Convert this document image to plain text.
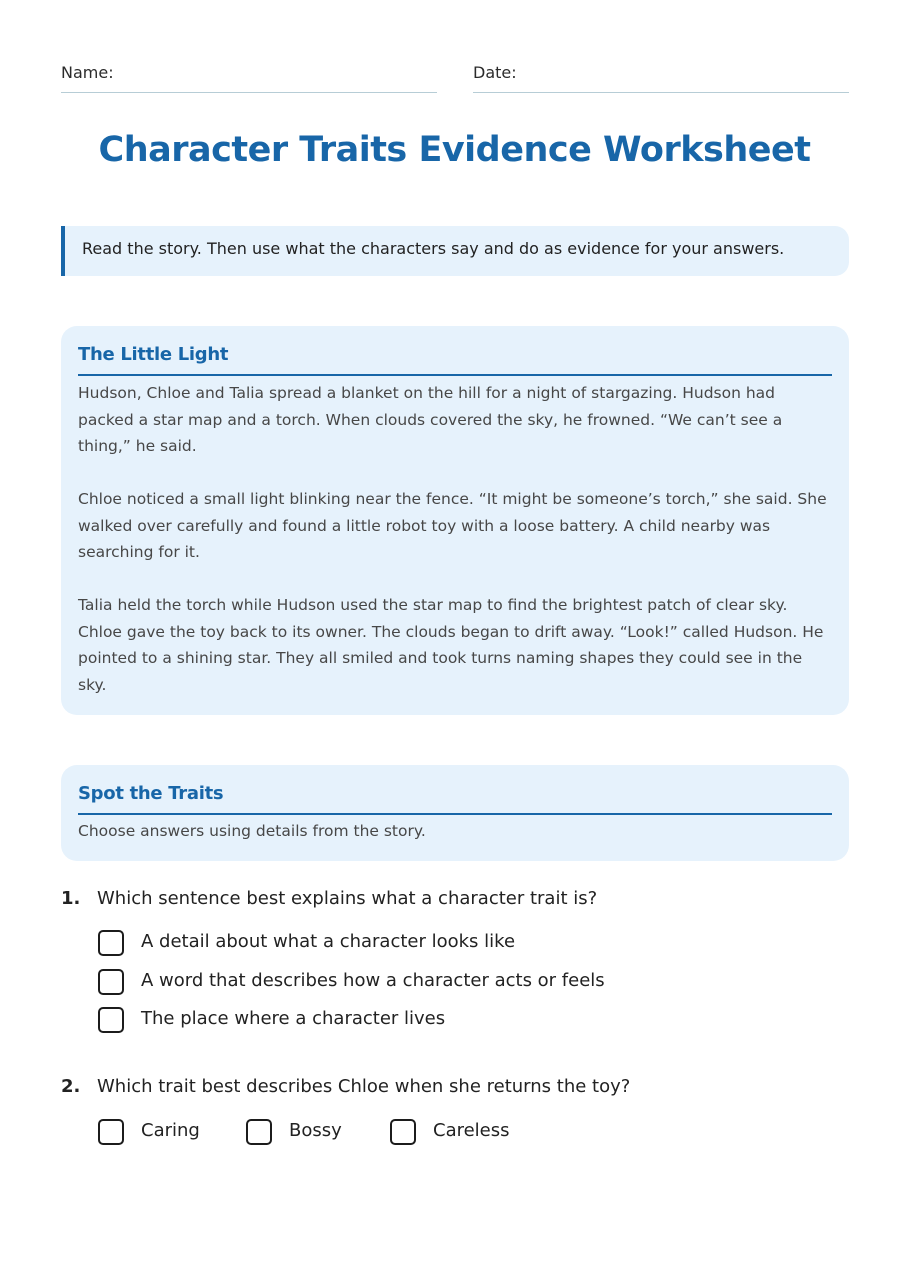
Name:	Date:
Character Traits Evidence Worksheet
Read the story. Then use what the characters say and do as evidence for your answers.
The Little Light

Hudson, Chloe and Talia spread a blanket on the hill for a night of stargazing. Hudson had packed a star map and a torch. When clouds covered the sky, he frowned. “We can’t see a thing,” he said.

Chloe noticed a small light blinking near the fence. “It might be someone’s torch,” she said. She walked over carefully and found a little robot toy with a loose battery. A child nearby was searching for it.

Talia held the torch while Hudson used the star map to find the brightest patch of clear sky. Chloe gave the toy back to its owner. The clouds began to drift away. “Look!” called Hudson. He pointed to a shining star. They all smiled and took turns naming shapes they could see in the sky.

Spot the Traits
Choose answers using details from the story.
1. Which sentence best explains what a character trait is?
A detail about what a character looks like
A word that describes how a character acts or feels
The place where a character lives
2. Which trait best describes Chloe when she returns the toy?
Caring	Bossy	Careless
